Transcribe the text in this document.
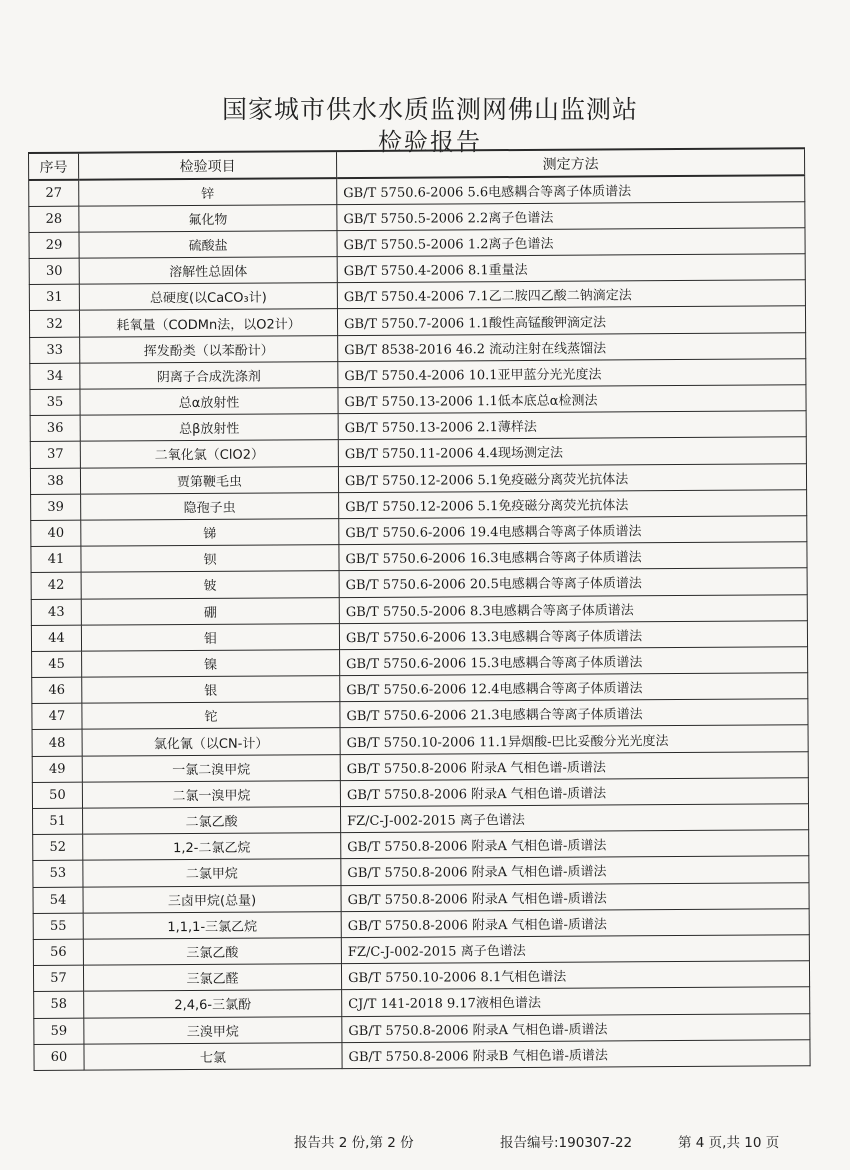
国家城市供水水质监测网佛山监测站
检验报告
序号	检验项目	测定方法
27	锌	GB/T 5750.6-2006 5.6电感耦合等离子体质谱法
28	氟化物	GB/T 5750.5-2006 2.2离子色谱法
29	硫酸盐	GB/T 5750.5-2006 1.2离子色谱法
30	溶解性总固体	GB/T 5750.4-2006 8.1重量法
31	总硬度(以CaCO₃计)	GB/T 5750.4-2006 7.1乙二胺四乙酸二钠滴定法
32	耗氧量（CODMn法，以O2计）	GB/T 5750.7-2006 1.1酸性高锰酸钾滴定法
33	挥发酚类（以苯酚计）	GB/T 8538-2016 46.2 流动注射在线蒸馏法
34	阴离子合成洗涤剂	GB/T 5750.4-2006 10.1亚甲蓝分光光度法
35	总α放射性	GB/T 5750.13-2006 1.1低本底总α检测法
36	总β放射性	GB/T 5750.13-2006 2.1薄样法
37	二氧化氯（ClO2）	GB/T 5750.11-2006 4.4现场测定法
38	贾第鞭毛虫	GB/T 5750.12-2006 5.1免疫磁分离荧光抗体法
39	隐孢子虫	GB/T 5750.12-2006 5.1免疫磁分离荧光抗体法
40	锑	GB/T 5750.6-2006 19.4电感耦合等离子体质谱法
41	钡	GB/T 5750.6-2006 16.3电感耦合等离子体质谱法
42	铍	GB/T 5750.6-2006 20.5电感耦合等离子体质谱法
43	硼	GB/T 5750.5-2006 8.3电感耦合等离子体质谱法
44	钼	GB/T 5750.6-2006 13.3电感耦合等离子体质谱法
45	镍	GB/T 5750.6-2006 15.3电感耦合等离子体质谱法
46	银	GB/T 5750.6-2006 12.4电感耦合等离子体质谱法
47	铊	GB/T 5750.6-2006 21.3电感耦合等离子体质谱法
48	氯化氰（以CN-计）	GB/T 5750.10-2006 11.1异烟酸-巴比妥酸分光光度法
49	一氯二溴甲烷	GB/T 5750.8-2006 附录A 气相色谱-质谱法
50	二氯一溴甲烷	GB/T 5750.8-2006 附录A 气相色谱-质谱法
51	二氯乙酸	FZ/C-J-002-2015 离子色谱法
52	1,2-二氯乙烷	GB/T 5750.8-2006 附录A 气相色谱-质谱法
53	二氯甲烷	GB/T 5750.8-2006 附录A 气相色谱-质谱法
54	三卤甲烷(总量)	GB/T 5750.8-2006 附录A 气相色谱-质谱法
55	1,1,1-三氯乙烷	GB/T 5750.8-2006 附录A 气相色谱-质谱法
56	三氯乙酸	FZ/C-J-002-2015 离子色谱法
57	三氯乙醛	GB/T 5750.10-2006 8.1气相色谱法
58	2,4,6-三氯酚	CJ/T 141-2018 9.17液相色谱法
59	三溴甲烷	GB/T 5750.8-2006 附录A 气相色谱-质谱法
60	七氯	GB/T 5750.8-2006 附录B 气相色谱-质谱法
报告共 2 份,第 2 份	报告编号:190307-22	第 4 页,共 10 页
